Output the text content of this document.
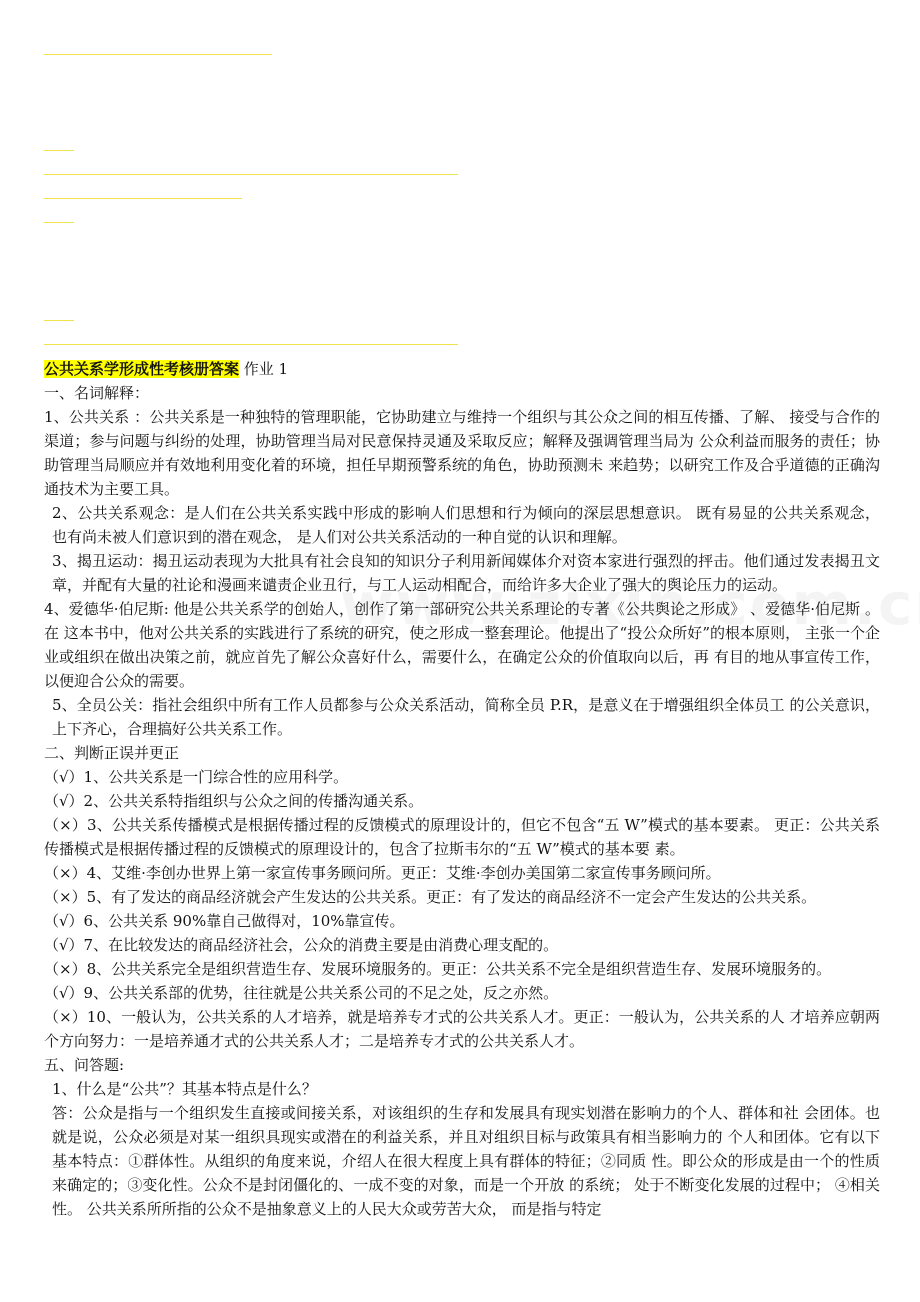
公共关系学形成性考核册答案 作业 1

一、名词解释：

1、公共关系 ：公共关系是一种独特的管理职能，它协助建立与维持一个组织与其公众之间的相互传播、了解、 接受与合作的渠道；参与问题与纠纷的处理，协助管理当局对民意保持灵通及采取反应；解释及强调管理当局为 公众利益而服务的责任；协助管理当局顺应并有效地利用变化着的环境，担任早期预警系统的角色，协助预测未 来趋势；以研究工作及合乎道德的正确沟通技术为主要工具。

2、公共关系观念：是人们在公共关系实践中形成的影响人们思想和行为倾向的深层思想意识。 既有易显的公共关系观念， 也有尚未被人们意识到的潜在观念， 是人们对公共关系活动的一种自觉的认识和理解。

3、揭丑运动：揭丑运动表现为大批具有社会良知的知识分子利用新闻媒体介对资本家进行强烈的抨击。他们通过发表揭丑文章，并配有大量的社论和漫画来谴责企业丑行，与工人运动相配合，而给许多大企业了强大的舆论压力的运动。

4、爱德华·伯尼斯: 他是公共关系学的创始人，创作了第一部研究公共关系理论的专著《公共舆论之形成》 、爱德华·伯尼斯 。在 这本书中，他对公共关系的实践进行了系统的研究，使之形成一整套理论。他提出了“投公众所好”的根本原则， 主张一个企业或组织在做出决策之前，就应首先了解公众喜好什么，需要什么，在确定公众的价值取向以后，再 有目的地从事宣传工作，以便迎合公众的需要。

5、全员公关：指社会组织中所有工作人员都参与公众关系活动，简称全员 P.R，是意义在于增强组织全体员工 的公关意识，上下齐心，合理搞好公共关系工作。

二、判断正误并更正

（√）1、公共关系是一门综合性的应用科学。

（√）2、公共关系特指组织与公众之间的传播沟通关系。

（×）3、公共关系传播模式是根据传播过程的反馈模式的原理设计的，但它不包含“五 W”模式的基本要素。 更正：公共关系传播模式是根据传播过程的反馈模式的原理设计的，包含了拉斯韦尔的“五 W”模式的基本要 素。

（×）4、艾维·李创办世界上第一家宣传事务顾问所。更正：艾维·李创办美国第二家宣传事务顾问所。

（×）5、有了发达的商品经济就会产生发达的公共关系。更正：有了发达的商品经济不一定会产生发达的公共关系。

（√）6、公共关系 90%靠自己做得对，10%靠宣传。

（√）7、在比较发达的商品经济社会，公众的消费主要是由消费心理支配的。

（×）8、公共关系完全是组织营造生存、发展环境服务的。更正：公共关系不完全是组织营造生存、发展环境服务的。

（√）9、公共关系部的优势，往往就是公共关系公司的不足之处，反之亦然。

（×）10、一般认为，公共关系的人才培养，就是培养专才式的公共关系人才。更正：一般认为，公共关系的人 才培养应朝两个方向努力：一是培养通才式的公共关系人才；二是培养专才式的公共关系人才。

五、问答题:

1、什么是“公共”？其基本特点是什么？

答：公众是指与一个组织发生直接或间接关系，对该组织的生存和发展具有现实划潜在影响力的个人、群体和社 会团体。也就是说，公众必须是对某一组织具现实或潜在的利益关系，并且对组织目标与政策具有相当影响力的 个人和团体。它有以下基本特点：①群体性。从组织的角度来说，介绍人在很大程度上具有群体的特征；②同质 性。即公众的形成是由一个的性质来确定的；③变化性。公众不是封闭僵化的、一成不变的对象，而是一个开放 的系统； 处于不断变化发展的过程中； ④相关性。 公共关系所所指的公众不是抽象意义上的人民大众或劳苦大众， 而是指与特定
